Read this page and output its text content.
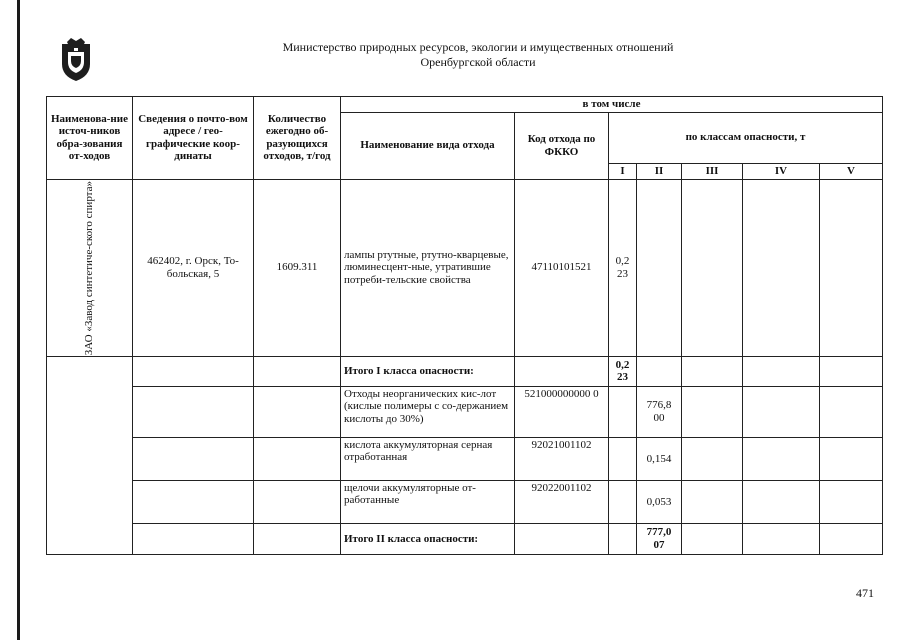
Министерство природных ресурсов, экологии и имущественных отношений
Оренбургской области
Наименова-ние источ-ников обра-зования от-ходов	Сведения о почто-вом адресе / гео-графические коор-динаты	Количество ежегодно об-разующихся отходов, т/год	в том числе						
			Наименование вида отхода	Код отхода по ФККО	по классам опасности, т				
					I	II	III	IV	V

ЗАО «Завод синтетиче-ского спирта»	462402, г. Орск, То-больская, 5	1609.311	лампы ртутные, ртутно-кварцевые, люминесцент-ные, утратившие потреби-тельские свойства	47110101521	0,2 23				
			Итого I класса опасности:		0,2 23				
			Отходы неорганических кис-лот (кислые полимеры с со-держанием кислоты до 30%)	521000000000 0		776,8 00			
			кислота аккумуляторная серная отработанная	92021001102		0,154			
			щелочи аккумуляторные от-работанные	92022001102		0,053			
			Итого II класса опасности:			777,0 07			
471
